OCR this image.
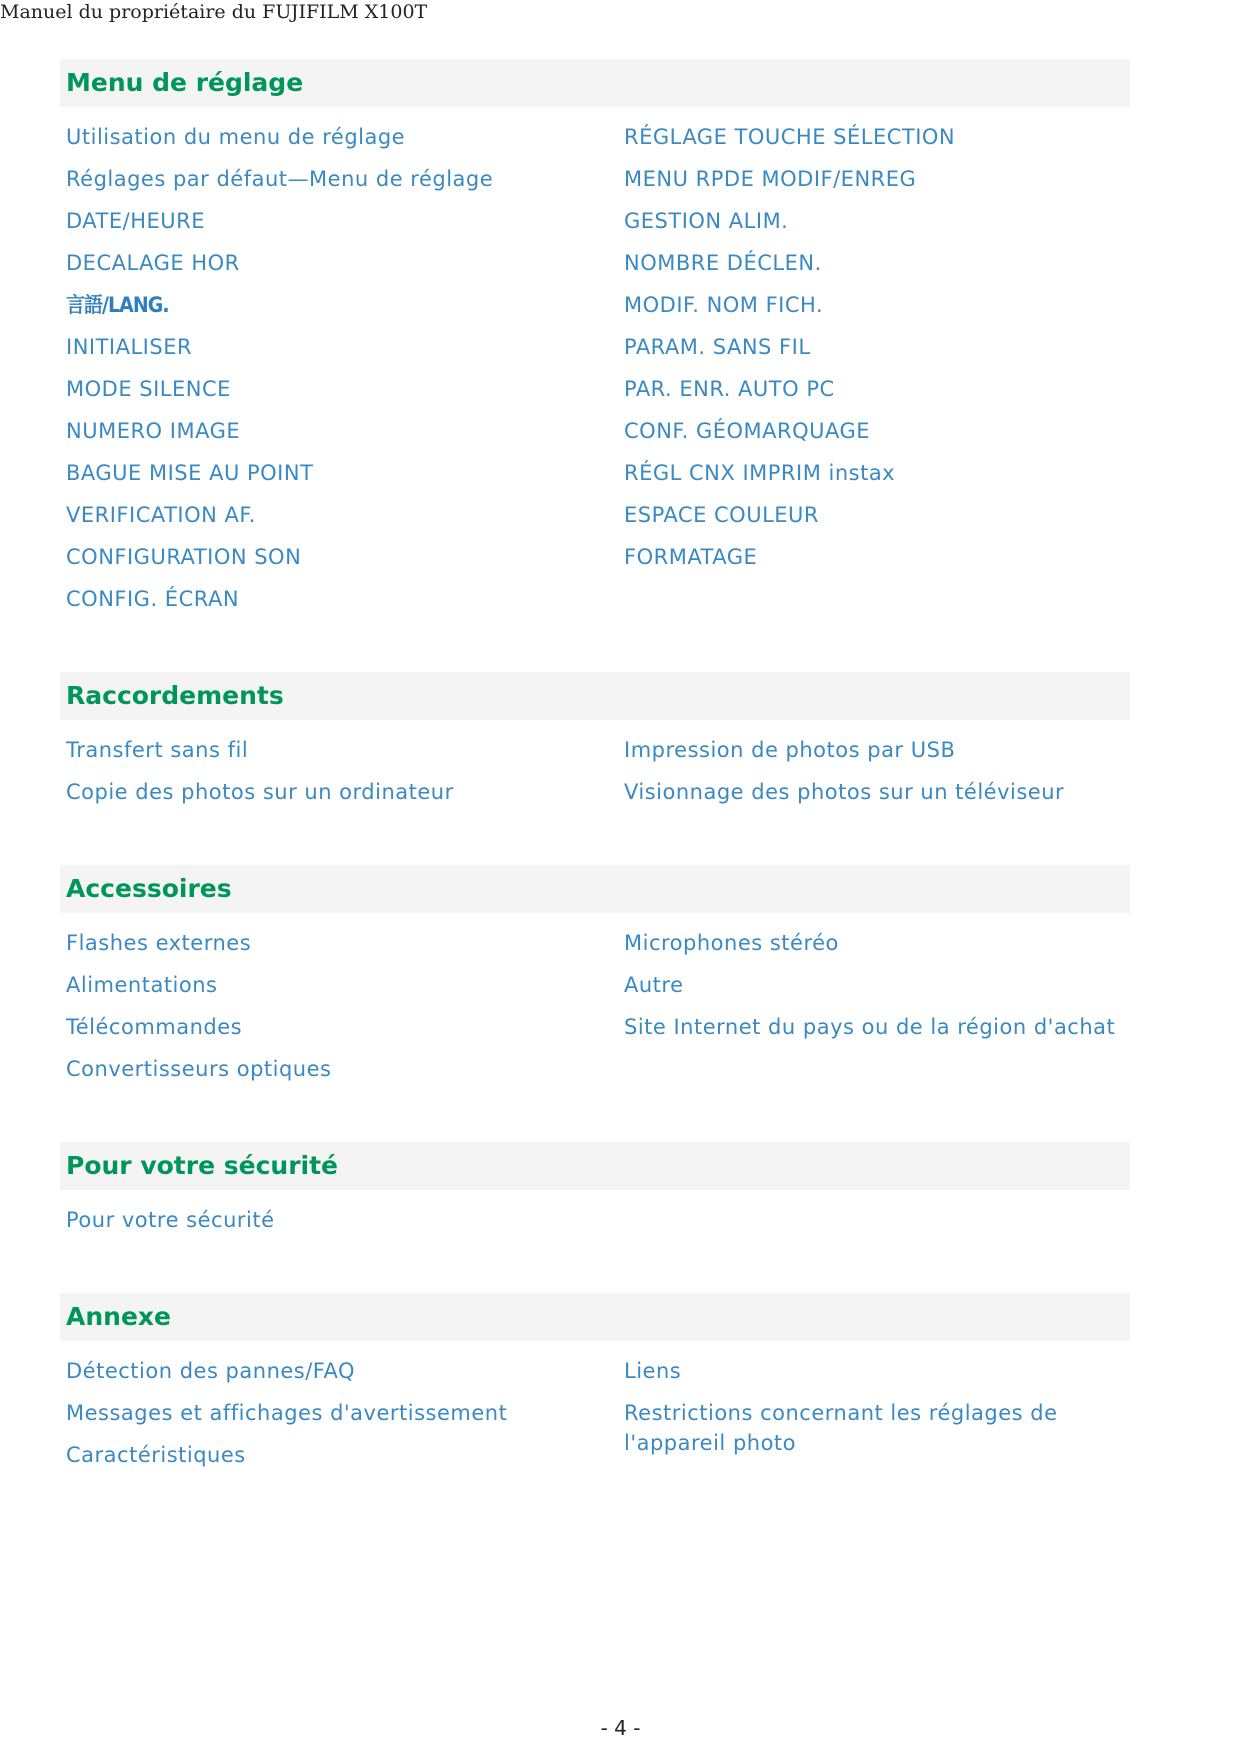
Manuel du propriétaire du FUJIFILM X100T
Menu de réglage
Utilisation du menu de réglage
Réglages par défaut—Menu de réglage
DATE/HEURE
DECALAGE HOR
言語/LANG.
INITIALISER
MODE SILENCE
NUMERO IMAGE
BAGUE MISE AU POINT
VERIFICATION AF.
CONFIGURATION SON
CONFIG. ÉCRAN
RÉGLAGE TOUCHE SÉLECTION
MENU RPDE MODIF/ENREG
GESTION ALIM.
NOMBRE DÉCLEN.
MODIF. NOM FICH.
PARAM. SANS FIL
PAR. ENR. AUTO PC
CONF. GÉOMARQUAGE
RÉGL CNX IMPRIM instax
ESPACE COULEUR
FORMATAGE
Raccordements
Transfert sans fil
Copie des photos sur un ordinateur
Impression de photos par USB
Visionnage des photos sur un téléviseur
Accessoires
Flashes externes
Alimentations
Télécommandes
Convertisseurs optiques
Microphones stéréo
Autre
Site Internet du pays ou de la région d'achat
Pour votre sécurité
Pour votre sécurité
Annexe
Détection des pannes/FAQ
Messages et affichages d'avertissement
Caractéristiques
Liens
Restrictions concernant les réglages de l'appareil photo
- 4 -
